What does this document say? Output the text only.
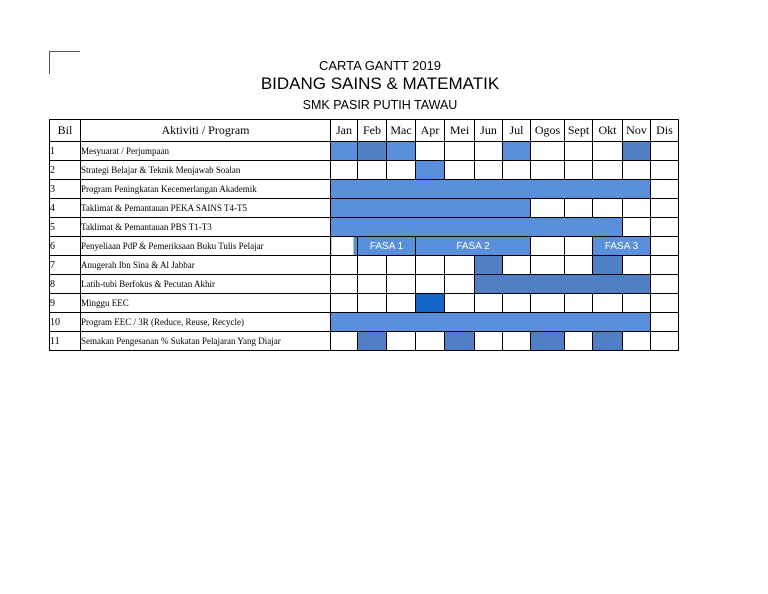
CARTA GANTT 2019
BIDANG SAINS & MATEMATIK
SMK PASIR PUTIH TAWAU
Bil	Aktiviti / Program	Jan	Feb	Mac	Apr	Mei	Jun	Jul	Ogos	Sept	Okt	Nov	Dis
1	Mesyuarat / Perjumpaan												
2	Strategi Belajar & Teknik Menjawab Soalan												
3	Program Peningkatan Kecemerlangan Akademik												
4	Taklimat & Pemantauan PEKA SAINS T4-T5												
5	Taklimat & Pemantauan PBS T1-T3												
6	Penyeliaan PdP & Pemeriksaan Buku Tulis Pelajar		FASA 1		FASA 2						FASA 3		
7	Anugerah Ibn Sina & Al Jabbar												
8	Latih-tubi Berfokus & Pecutan Akhir												
9	Minggu EEC												
10	Program EEC / 3R (Reduce, Reuse, Recycle)												
11	Semakan Pengesanan % Sukatan Pelajaran Yang Diajar												
